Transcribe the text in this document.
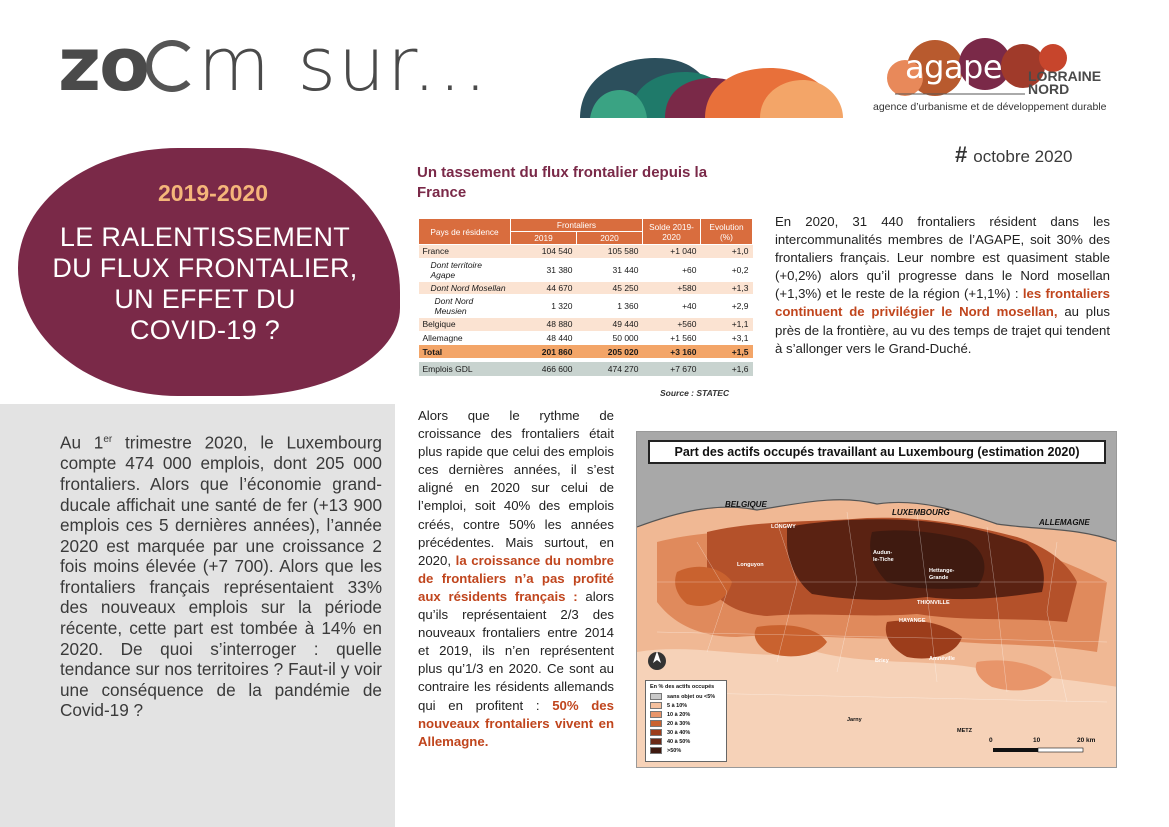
zo m sur...	agape LORRAINE
NORD
agence d’urbanisme et de développement durable
# octobre 2020
2019-2020
LE RALENTISSEMENT
DU FLUX FRONTALIER,
UN EFFET DU
COVID-19 ?
Au 1er trimestre 2020, le Luxembourg compte 474 000 emplois, dont 205 000 frontaliers. Alors que l’économie grand-ducale affichait une santé de fer (+13 900 emplois ces 5 dernières années), l’année 2020 est marquée par une croissance 2 fois moins élevée (+7 700). Alors que les frontaliers français représentaient 33% des nouveaux emplois sur la période récente, cette part est tombée à 14% en 2020. De quoi s’interroger : quelle tendance sur nos territoires ? Faut-il y voir une conséquence de la pandémie de Covid-19 ?
Un tassement du flux frontalier depuis la France
Pays de résidence	Frontaliers		Solde 2019-2020	Evolution (%)
	2019	2020		
France	104 540	105 580	+1 040	+1,0
Dont territoire Agape	31 380	31 440	+60	+0,2
Dont Nord Mosellan	44 670	45 250	+580	+1,3
Dont Nord Meusien	1 320	1 360	+40	+2,9
Belgique	48 880	49 440	+560	+1,1
Allemagne	48 440	50 000	+1 560	+3,1
Total	201 860	205 020	+3 160	+1,5

Emplois GDL	466 600	474 270	+7 670	+1,6
Source : STATEC
En 2020, 31 440 frontaliers résident dans les intercommunalités membres de l’AGAPE, soit 30% des frontaliers français. Leur nombre est quasiment stable (+0,2%) alors qu’il progresse dans le Nord mosellan (+1,3%) et le reste de la région (+1,1%) : les frontaliers continuent de privilégier le Nord mosellan, au plus près de la frontière, au vu des temps de trajet qui tendent à s’allonger vers le Grand-Duché.
Alors que le rythme de croissance des frontaliers était plus rapide que celui des emplois ces dernières années, il s’est aligné en 2020 sur celui de l’emploi, soit 40% des emplois créés, contre 50% les années précédentes. Mais surtout, en 2020, la croissance du nombre de frontaliers n’a pas profité aux résidents français : alors qu’ils représentaient 2/3 des nouveaux frontaliers entre 2014 et 2019, ils n’en représentent plus qu’1/3 en 2020. Ce sont au contraire les résidents allemands qui en profitent : 50% des nouveaux frontaliers vivent en Allemagne.
Part des actifs occupés travaillant au Luxembourg (estimation 2020)
BELGIQUE
LUXEMBOURG
ALLEMAGNE
LONGWY
Longuyon
Audun-le-Tiche
Hettange-Grande
THIONVILLE
HAYANGE
Briey	Amnéville
Jarny
METZ
En % des actifs occupés
sans objet ou <5%
5 à 10%
10 à 20%
20 à 30%
30 à 40%
40 à 50%
>50%
0	10	20 km
